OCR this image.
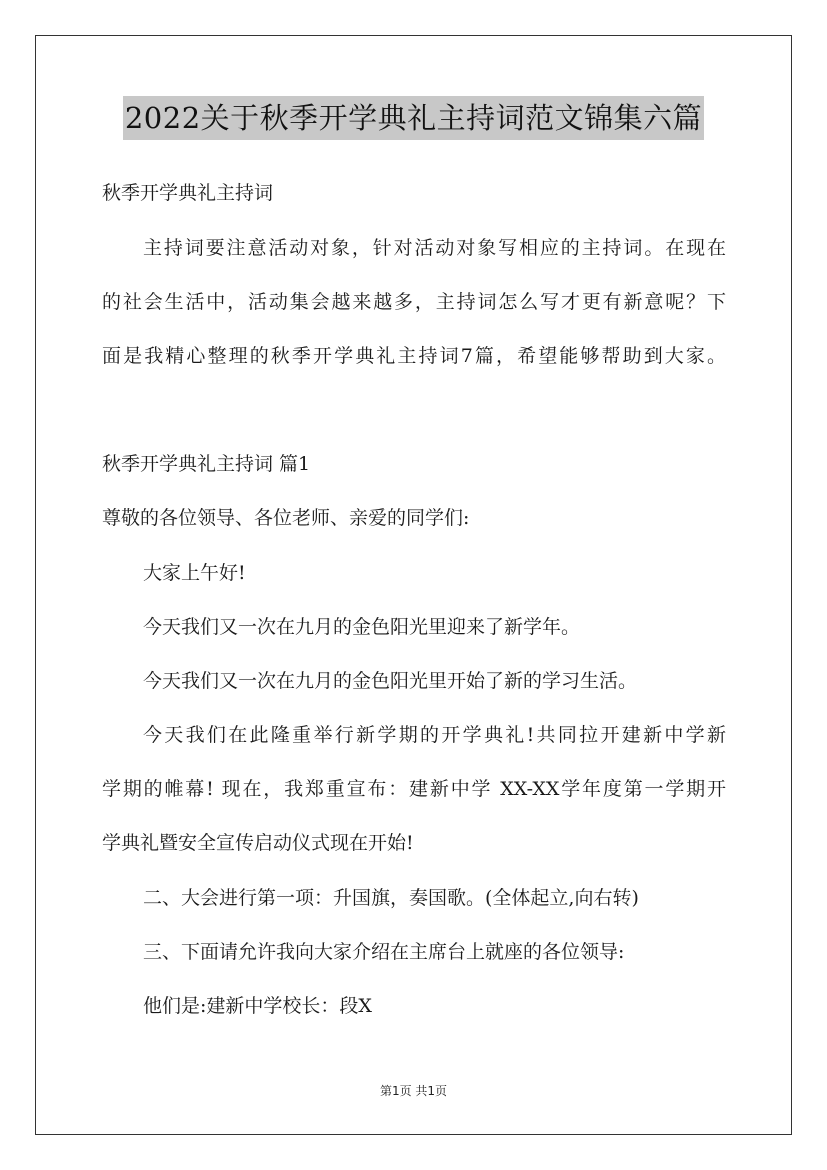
2022关于秋季开学典礼主持词范文锦集六篇
秋季开学典礼主持词
主持词要注意活动对象，针对活动对象写相应的主持词。在现在
的社会生活中，活动集会越来越多，主持词怎么写才更有新意呢？下
面是我精心整理的秋季开学典礼主持词7篇，希望能够帮助到大家。
秋季开学典礼主持词 篇1
尊敬的各位领导、各位老师、亲爱的同学们:
大家上午好!
今天我们又一次在九月的金色阳光里迎来了新学年。
今天我们又一次在九月的金色阳光里开始了新的学习生活。
今天我们在此隆重举行新学期的开学典礼!共同拉开建新中学新
学期的帷幕! 现在，我郑重宣布：建新中学 XX-XX学年度第一学期开
学典礼暨安全宣传启动仪式现在开始!
二、大会进行第一项：升国旗，奏国歌。(全体起立,向右转)
三、下面请允许我向大家介绍在主席台上就座的各位领导:
他们是:建新中学校长：段X
第1页 共1页
